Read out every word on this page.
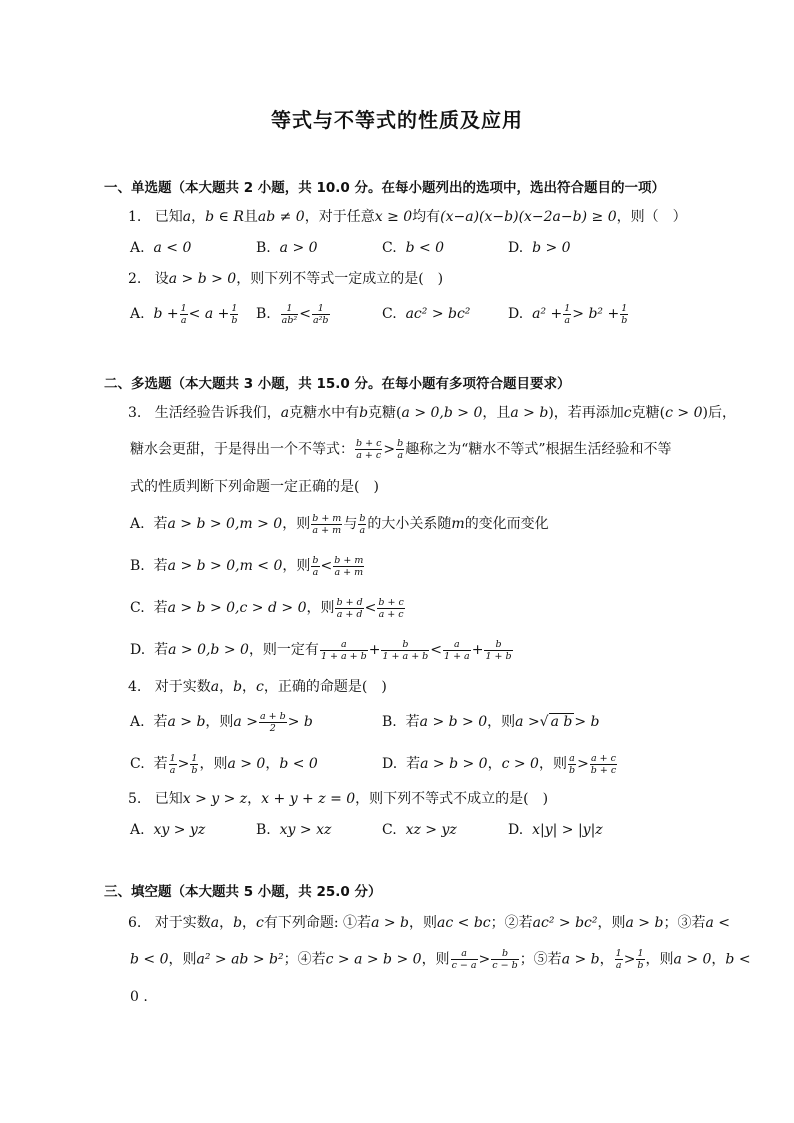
等式与不等式的性质及应用
一、单选题（本大题共 2 小题，共 10.0 分。在每小题列出的选项中，选出符合题目的一项）
1. 已知a，b ∈ R且ab ≠ 0，对于任意x ≥ 0均有(x−a)(x−b)(x−2a−b) ≥ 0，则（　）
A. a < 0	B. a > 0	C. b < 0	D. b > 0
2. 设a > b > 0，则下列不等式一定成立的是(　)
A. $b + \frac{1}{a} < a + \frac{1}{b} B$. $\frac{1}{\text{ab²}} < \frac{1}{\text{a²b}}$	C. ac² > bc²	D. $a^2 + \frac{1}{a} > b^2 + \frac{1}{b}$
二、多选题（本大题共 3 小题，共 15.0 分。在每小题有多项符合题目要求）
3. 生活经验告诉我们，a克糖水中有b克糖(a > 0,b > 0，且a > b)，若再添加c克糖(c > 0)后，
糖水会更甜，于是得出一个不等式： $\frac{b + c}{a + c} > \frac{b}{a}$ 趣称之为“糖水不等式”根据生活经验和不等
式的性质判断下列命题一定正确的是(　)
A. 若a > b > 0,m > 0，则 $\frac{b + m}{a + m}$ 与 $\frac{b}{a}$ 的大小关系随m的变化而变化
B. 若a > b > 0,m < 0，则 $\frac{b}{a} < \frac{b + m}{a + m}$
C. 若a > b > 0,c > d > 0，则 $\frac{b + d}{a + d} < \frac{b + c}{a + c}$
D. 若a > 0,b > 0，则一定有 $\frac{a}{1 + a + b} + \frac{b}{1 + a + b} < \frac{a}{1 + a} + \frac{b}{1 + b}$
4. 对于实数a，b，c，正确的命题是(　)
A. 若a > b，则$a > \frac{a + b}{2} > b$	B. 若a > b > 0，则a >√ a b > b
C. 若 $\frac{1}{a} > \frac{1}{b}$ ，则a > 0，b < 0	D. 若a > b > 0，c > 0，则 $\frac{a}{b} > \frac{a + c}{b + c}$
5. 已知x > y > z，x + y + z = 0，则下列不等式不成立的是(　)
A. xy > yz	B. xy > xz	C. xz > yz	D. x|y| > |y|z
三、填空题（本大题共 5 小题，共 25.0 分）
6. 对于实数a，b，c有下列命题: ①若a > b，则ac < bc；②若ac² > bc²，则a > b；③若a <
b < 0，则a² > ab > b²；④若c > a > b > 0，则 $\frac{a}{c - a} > \frac{b}{c - b}$ ；⑤若a > b， $\frac{1}{a} > \frac{1}{b}$ ，则a > 0，b <
0 .
